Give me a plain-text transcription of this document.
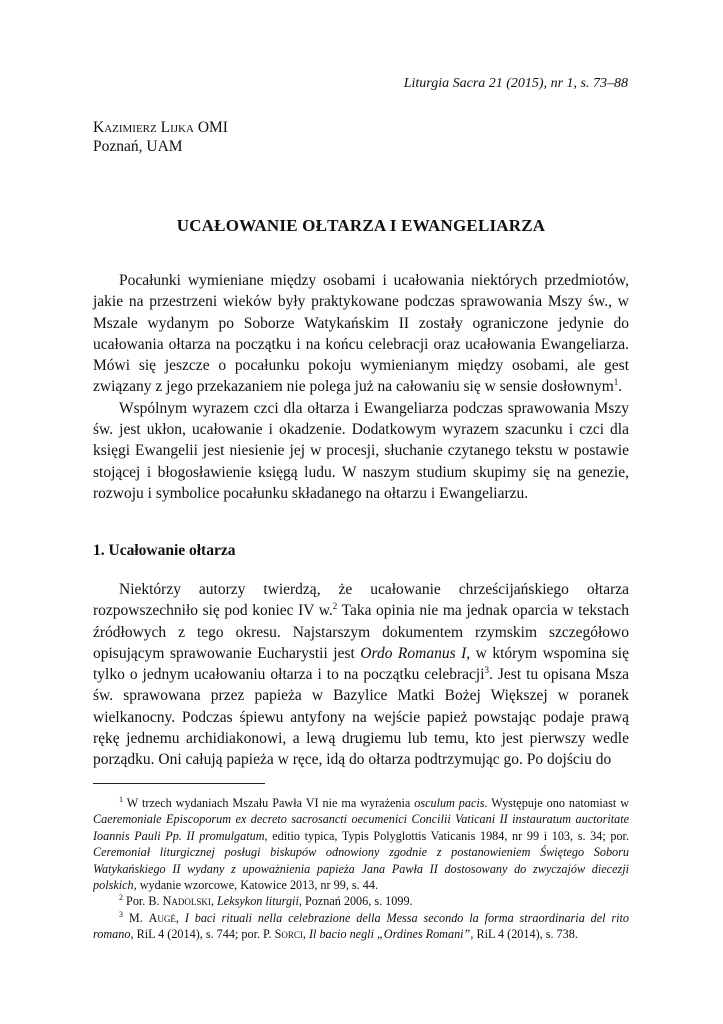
Liturgia Sacra 21 (2015), nr 1, s. 73–88
Kazimierz Lijka OMI
Poznań, UAM
UCAŁOWANIE OŁTARZA I EWANGELIARZA

Pocałunki wymieniane między osobami i ucałowania niektórych przedmiotów, jakie na przestrzeni wieków były praktykowane podczas sprawowania Mszy św., w Mszale wydanym po Soborze Watykańskim II zostały ograniczone jedynie do ucałowania ołtarza na początku i na końcu celebracji oraz ucałowania Ewangeliarza. Mówi się jeszcze o pocałunku pokoju wymienianym między osobami, ale gest związany z jego przekazaniem nie polega już na całowaniu się w sensie dosłownym$^1$.

Wspólnym wyrazem czci dla ołtarza i Ewangeliarza podczas sprawowania Mszy św. jest ukłon, ucałowanie i okadzenie. Dodatkowym wyrazem szacunku i czci dla księgi Ewangelii jest niesienie jej w procesji, słuchanie czytanego tekstu w postawie stojącej i błogosławienie księgą ludu. W naszym studium skupimy się na genezie, rozwoju i symbolice pocałunku składanego na ołtarzu i Ewangeliarzu.

1. Ucałowanie ołtarza

Niektórzy autorzy twierdzą, że ucałowanie chrześcijańskiego ołtarza rozpowszechniło się pod koniec IV w.$^2$ Taka opinia nie ma jednak oparcia w tekstach źródłowych z tego okresu. Najstarszym dokumentem rzymskim szczegółowo opisującym sprawowanie Eucharystii jest Ordo Romanus I, w którym wspomina się tylko o jednym ucałowaniu ołtarza i to na początku celebracji$^3$. Jest tu opisana Msza św. sprawowana przez papieża w Bazylice Matki Bożej Większej w poranek wielkanocny. Podczas śpiewu antyfony na wejście papież powstając podaje prawą rękę jednemu archidiakonowi, a lewą drugiemu lub temu, kto jest pierwszy wedle porządku. Oni całują papieża w ręce, idą do ołtarza podtrzymując go. Po dojściu do

$^1$ W trzech wydaniach Mszału Pawła VI nie ma wyrażenia osculum pacis. Występuje ono natomiast w Caeremoniale Episcoporum ex decreto sacrosancti oecumenici Concilii Vaticani II instauratum auctoritate Ioannis Pauli Pp. II promulgatum, editio typica, Typis Polyglottis Vaticanis 1984, nr 99 i 103, s. 34; por. Ceremoniał liturgicznej posługi biskupów odnowiony zgodnie z postanowieniem Świętego Soboru Watykańskiego II wydany z upoważnienia papieża Jana Pawła II dostosowany do zwyczajów diecezji polskich, wydanie wzorcowe, Katowice 2013, nr 99, s. 44.

$^2$ Por. B. Nadolski, Leksykon liturgii, Poznań 2006, s. 1099.

$^3$ M. Augé, I baci rituali nella celebrazione della Messa secondo la forma straordinaria del rito romano, RiL 4 (2014), s. 744; por. P. Sorci, Il bacio negli „Ordines Romani”, RiL 4 (2014), s. 738.
